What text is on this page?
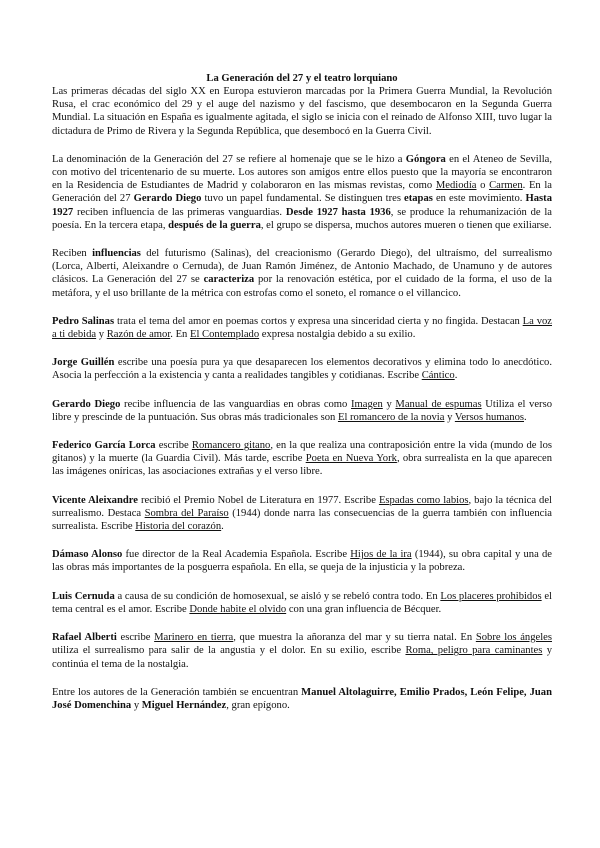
La Generación del 27 y el teatro lorquiano

Las primeras décadas del siglo XX en Europa estuvieron marcadas por la Primera Guerra Mundial, la Revolución Rusa, el crac económico del 29 y el auge del nazismo y del fascismo, que desembocaron en la Segunda Guerra Mundial. La situación en España es igualmente agitada, el siglo se inicia con el reinado de Alfonso XIII, tuvo lugar la dictadura de Primo de Rivera y la Segunda República, que desembocó en la Guerra Civil.

La denominación de la Generación del 27 se refiere al homenaje que se le hizo a Góngora en el Ateneo de Sevilla, con motivo del tricentenario de su muerte. Los autores son amigos entre ellos puesto que la mayoría se encontraron en la Residencia de Estudiantes de Madrid y colaboraron en las mismas revistas, como Mediodía o Carmen. En la Generación del 27 Gerardo Diego tuvo un papel fundamental. Se distinguen tres etapas en este movimiento. Hasta 1927 reciben influencia de las primeras vanguardias. Desde 1927 hasta 1936, se produce la rehumanización de la poesía. En la tercera etapa, después de la guerra, el grupo se dispersa, muchos autores mueren o tienen que exiliarse.

Reciben influencias del futurismo (Salinas), del creacionismo (Gerardo Diego), del ultraísmo, del surrealismo (Lorca, Alberti, Aleixandre o Cernuda), de Juan Ramón Jiménez, de Antonio Machado, de Unamuno y de autores clásicos. La Generación del 27 se caracteriza por la renovación estética, por el cuidado de la forma, el uso de la metáfora, y el uso brillante de la métrica con estrofas como el soneto, el romance o el villancico.

Pedro Salinas trata el tema del amor en poemas cortos y expresa una sinceridad cierta y no fingida. Destacan La voz a ti debida y Razón de amor. En El Contemplado expresa nostalgia debido a su exilio.

Jorge Guillén escribe una poesía pura ya que desaparecen los elementos decorativos y elimina todo lo anecdótico. Asocia la perfección a la existencia y canta a realidades tangibles y cotidianas. Escribe Cántico.

Gerardo Diego recibe influencia de las vanguardias en obras como Imagen y Manual de espumas Utiliza el verso libre y prescinde de la puntuación. Sus obras más tradicionales son El romancero de la novia y Versos humanos.

Federico García Lorca escribe Romancero gitano, en la que realiza una contraposición entre la vida (mundo de los gitanos) y la muerte (la Guardia Civil). Más tarde, escribe Poeta en Nueva York, obra surrealista en la que aparecen las imágenes oníricas, las asociaciones extrañas y el verso libre.

Vicente Aleixandre recibió el Premio Nobel de Literatura en 1977. Escribe Espadas como labios, bajo la técnica del surrealismo. Destaca Sombra del Paraíso (1944) donde narra las consecuencias de la guerra también con influencia surrealista. Escribe Historia del corazón.

Dámaso Alonso fue director de la Real Academia Española. Escribe Hijos de la ira (1944), su obra capital y una de las obras más importantes de la posguerra española. En ella, se queja de la injusticia y la pobreza.

Luis Cernuda a causa de su condición de homosexual, se aisló y se rebeló contra todo. En Los placeres prohibidos el tema central es el amor. Escribe Donde habite el olvido con una gran influencia de Bécquer.

Rafael Alberti escribe Marinero en tierra, que muestra la añoranza del mar y su tierra natal. En Sobre los ángeles utiliza el surrealismo para salir de la angustia y el dolor. En su exilio, escribe Roma, peligro para caminantes y continúa el tema de la nostalgia.

Entre los autores de la Generación también se encuentran Manuel Altolaguirre, Emilio Prados, León Felipe, Juan José Domenchina y Miguel Hernández, gran epígono.
